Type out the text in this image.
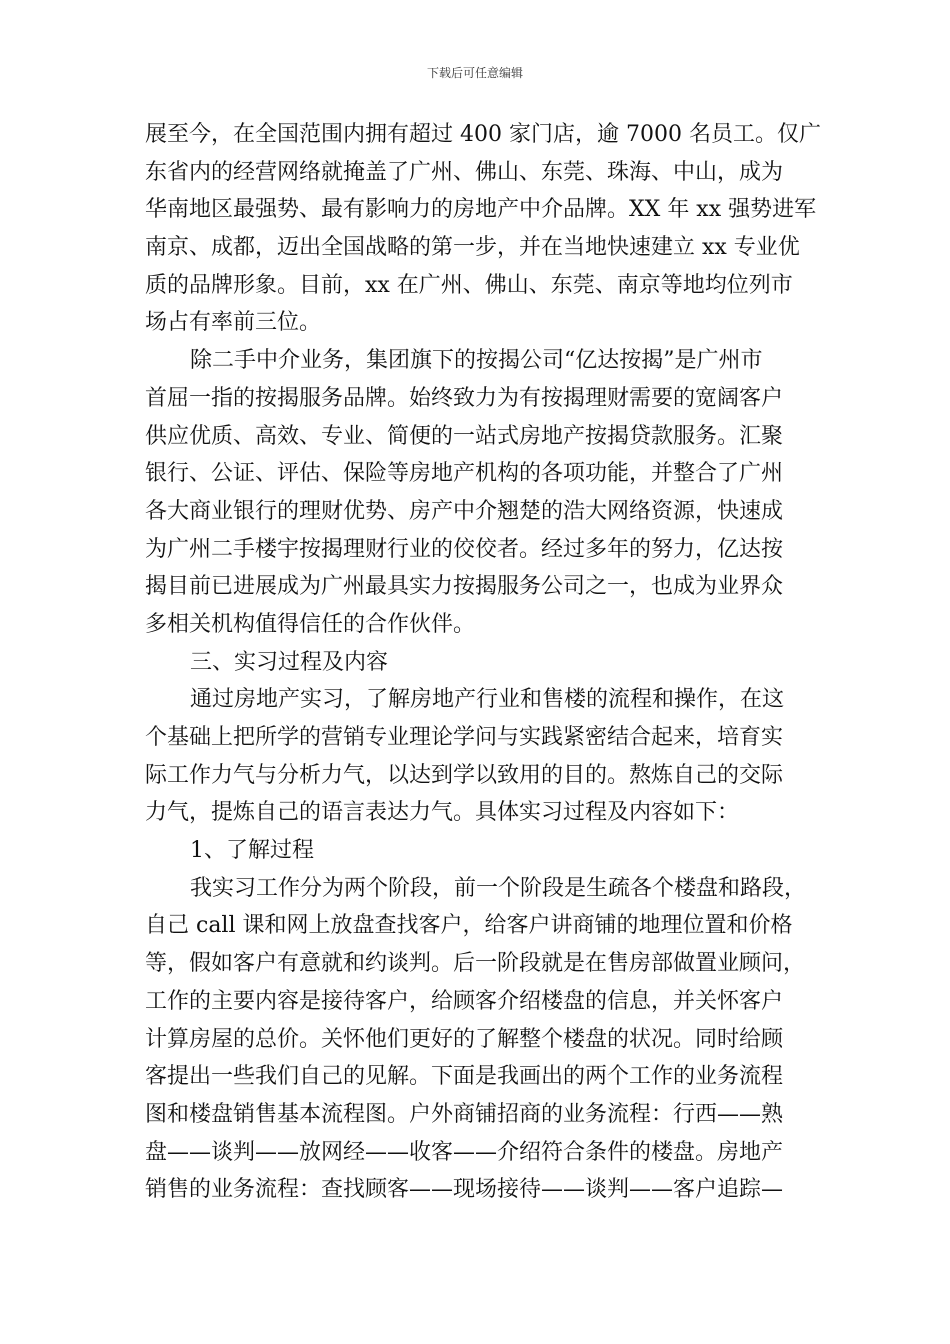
下载后可任意编辑
展至今，在全国范围内拥有超过 400 家门店，逾 7000 名员工。仅广
东省内的经营网络就掩盖了广州、佛山、东莞、珠海、中山，成为
华南地区最强势、最有影响力的房地产中介品牌。XX 年 xx 强势进军
南京、成都，迈出全国战略的第一步，并在当地快速建立 xx 专业优
质的品牌形象。目前，xx 在广州、佛山、东莞、南京等地均位列市
场占有率前三位。
除二手中介业务，集团旗下的按揭公司“亿达按揭”是广州市
首屈一指的按揭服务品牌。始终致力为有按揭理财需要的宽阔客户
供应优质、高效、专业、简便的一站式房地产按揭贷款服务。汇聚
银行、公证、评估、保险等房地产机构的各项功能，并整合了广州
各大商业银行的理财优势、房产中介翘楚的浩大网络资源，快速成
为广州二手楼宇按揭理财行业的佼佼者。经过多年的努力，亿达按
揭目前已进展成为广州最具实力按揭服务公司之一，也成为业界众
多相关机构值得信任的合作伙伴。
三、实习过程及内容
通过房地产实习，了解房地产行业和售楼的流程和操作，在这
个基础上把所学的营销专业理论学问与实践紧密结合起来，培育实
际工作力气与分析力气，以达到学以致用的目的。熬炼自己的交际
力气，提炼自己的语言表达力气。具体实习过程及内容如下：
1、了解过程
我实习工作分为两个阶段，前一个阶段是生疏各个楼盘和路段，
自己 call 课和网上放盘查找客户，给客户讲商铺的地理位置和价格
等，假如客户有意就和约谈判。后一阶段就是在售房部做置业顾问，
工作的主要内容是接待客户，给顾客介绍楼盘的信息，并关怀客户
计算房屋的总价。关怀他们更好的了解整个楼盘的状况。同时给顾
客提出一些我们自己的见解。下面是我画出的两个工作的业务流程
图和楼盘销售基本流程图。户外商铺招商的业务流程：行西——熟
盘——谈判——放网经——收客——介绍符合条件的楼盘。房地产
销售的业务流程：查找顾客——现场接待——谈判——客户追踪—
